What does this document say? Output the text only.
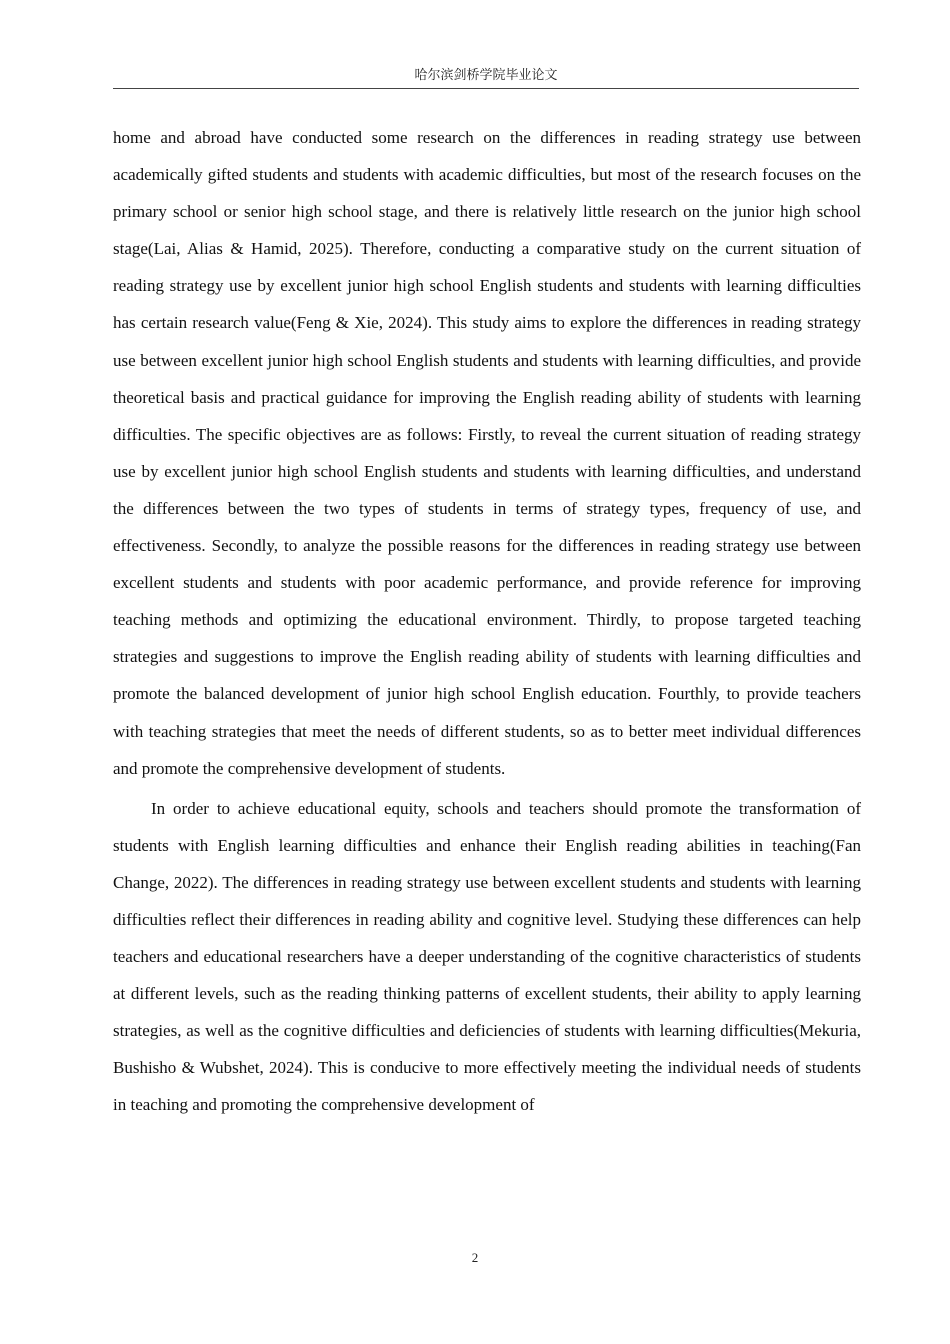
哈尔滨剑桥学院毕业论文

home and abroad have conducted some research on the differences in reading strategy use between academically gifted students and students with academic difficulties, but most of the research focuses on the primary school or senior high school stage, and there is relatively little research on the junior high school stage(Lai, Alias & Hamid, 2025). Therefore, conducting a comparative study on the current situation of reading strategy use by excellent junior high school English students and students with learning difficulties has certain research value(Feng & Xie, 2024). This study aims to explore the differences in reading strategy use between excellent junior high school English students and students with learning difficulties, and provide theoretical basis and practical guidance for improving the English reading ability of students with learning difficulties. The specific objectives are as follows: Firstly, to reveal the current situation of reading strategy use by excellent junior high school English students and students with learning difficulties, and understand the differences between the two types of students in terms of strategy types, frequency of use, and effectiveness. Secondly, to analyze the possible reasons for the differences in reading strategy use between excellent students and students with poor academic performance, and provide reference for improving teaching methods and optimizing the educational environment. Thirdly, to propose targeted teaching strategies and suggestions to improve the English reading ability of students with learning difficulties and promote the balanced development of junior high school English education. Fourthly, to provide teachers with teaching strategies that meet the needs of different students, so as to better meet individual differences and promote the comprehensive development of students.

In order to achieve educational equity, schools and teachers should promote the transformation of students with English learning difficulties and enhance their English reading abilities in teaching(Fan Change, 2022). The differences in reading strategy use between excellent students and students with learning difficulties reflect their differences in reading ability and cognitive level. Studying these differences can help teachers and educational researchers have a deeper understanding of the cognitive characteristics of students at different levels, such as the reading thinking patterns of excellent students, their ability to apply learning strategies, as well as the cognitive difficulties and deficiencies of students with learning difficulties(Mekuria, Bushisho & Wubshet, 2024). This is conducive to more effectively meeting the individual needs of students in teaching and promoting the comprehensive development of

2
